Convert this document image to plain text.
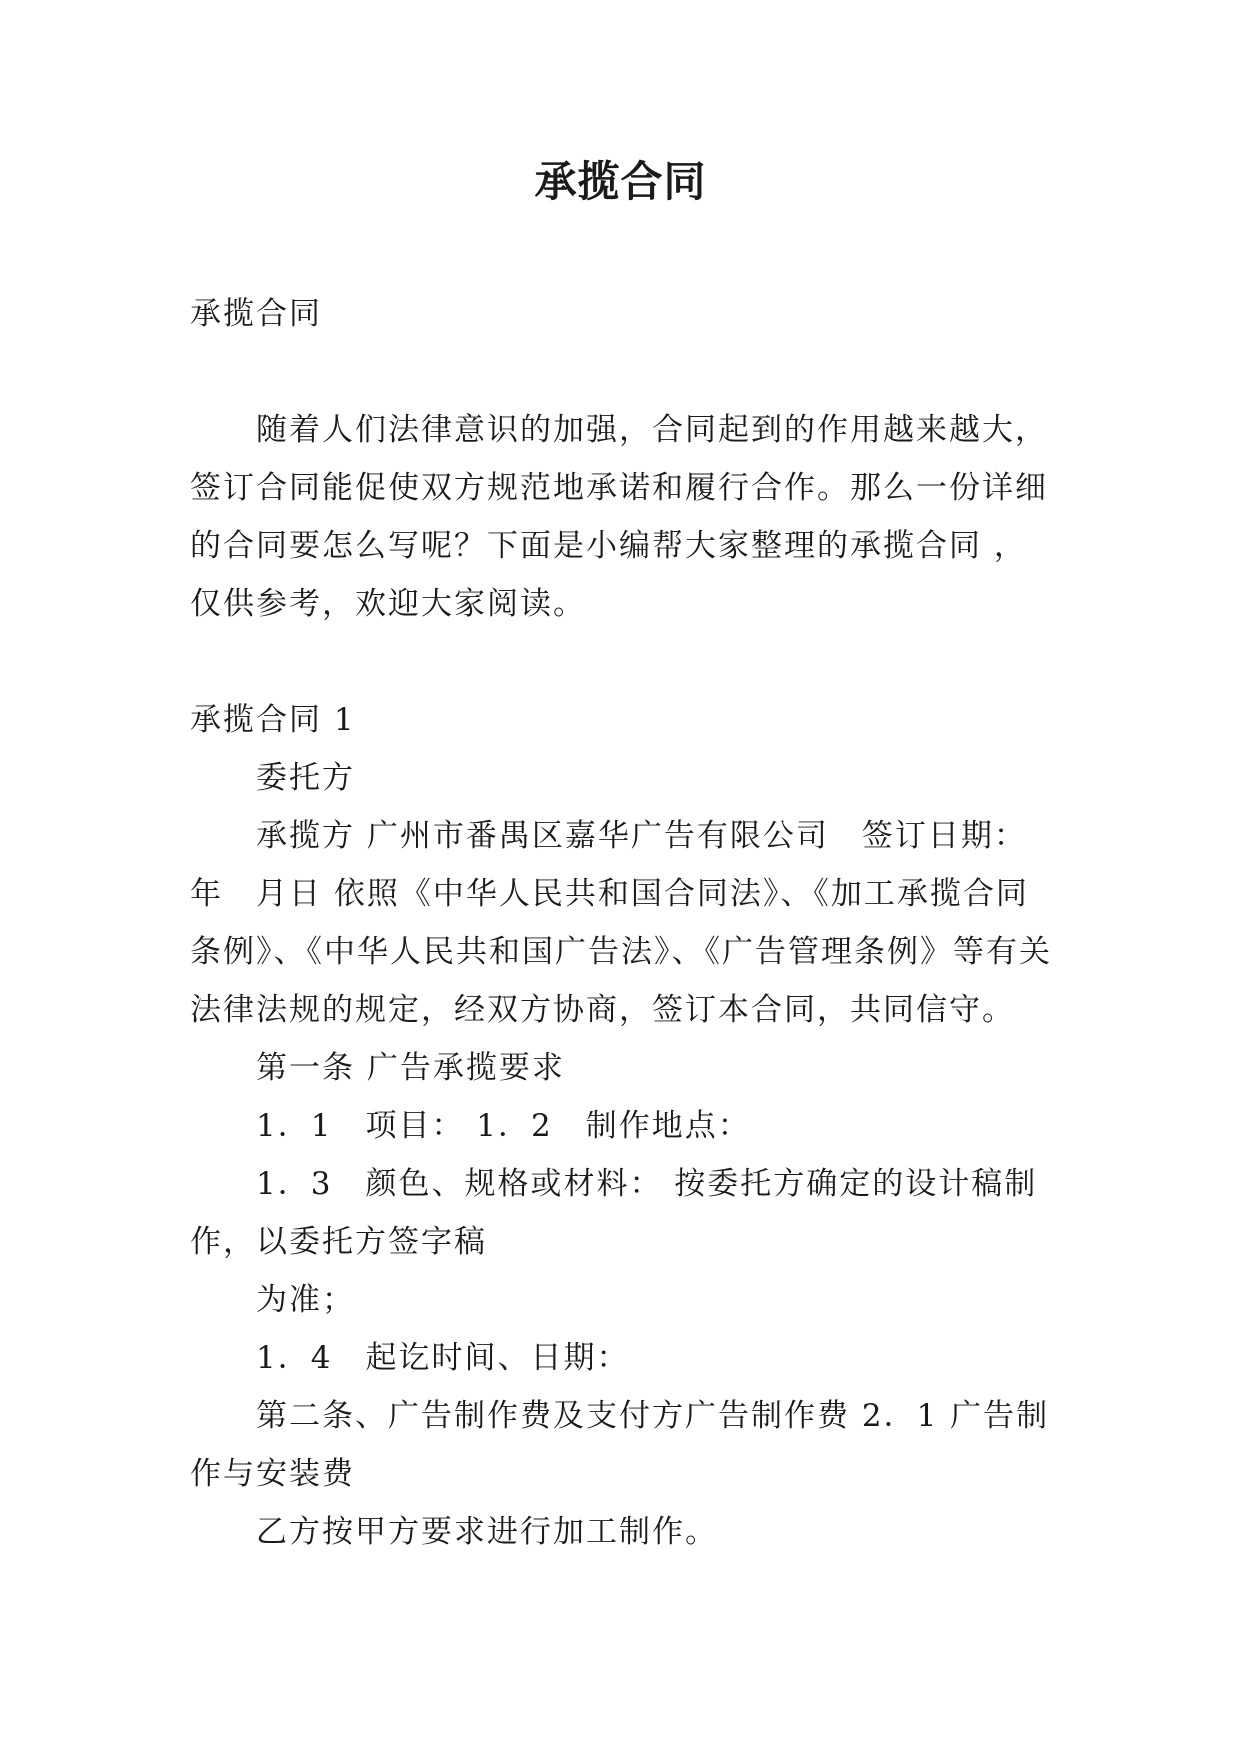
承揽合同

承揽合同

随着人们法律意识的加强，合同起到的作用越来越大，签订合同能促使双方规范地承诺和履行合作。那么一份详细的合同要怎么写呢？下面是小编帮大家整理的承揽合同 ，仅供参考，欢迎大家阅读。

承揽合同 1

委托方

承揽方 广州市番禺区嘉华广告有限公司　签订日期：年　月日 依照《中华人民共和国合同法》、《加工承揽合同条例》、《中华人民共和国广告法》、《广告管理条例》等有关法律法规的规定，经双方协商，签订本合同，共同信守。

第一条 广告承揽要求

1．1　项目： 1．2　制作地点：

1．3　颜色、规格或材料： 按委托方确定的设计稿制作，以委托方签字稿

为准；

1．4　起讫时间、日期：

第二条、广告制作费及支付方广告制作费 2．1 广告制作与安装费

乙方按甲方要求进行加工制作。
